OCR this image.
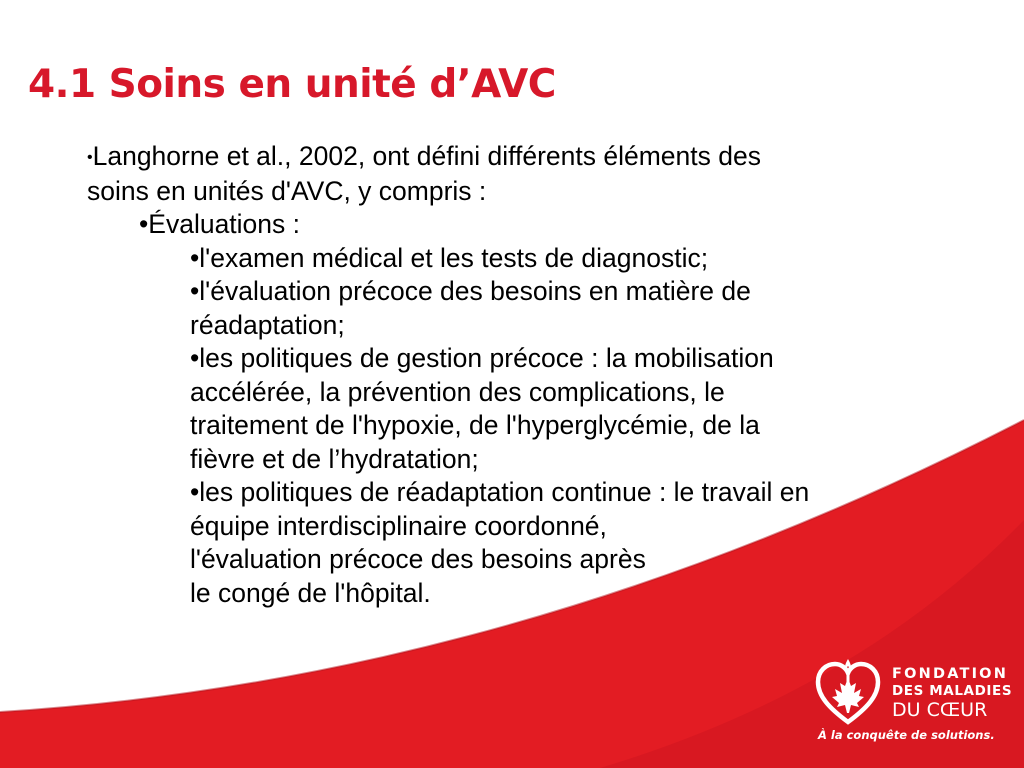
4.1 Soins en unité d’AVC
•Langhorne et al., 2002, ont défini différents éléments des
soins en unités d'AVC, y compris :
•Évaluations :
•l'examen médical et les tests de diagnostic;
•l'évaluation précoce des besoins en matière de
réadaptation;
•les politiques de gestion précoce : la mobilisation
accélérée, la prévention des complications, le
traitement de l'hypoxie, de l'hyperglycémie, de la
fièvre et de l’hydratation;
•les politiques de réadaptation continue : le travail en
équipe interdisciplinaire coordonné,
l'évaluation précoce des besoins après
le congé de l'hôpital.
FONDATION
DES MALADIES
DU CŒUR
À la conquête de solutions.
